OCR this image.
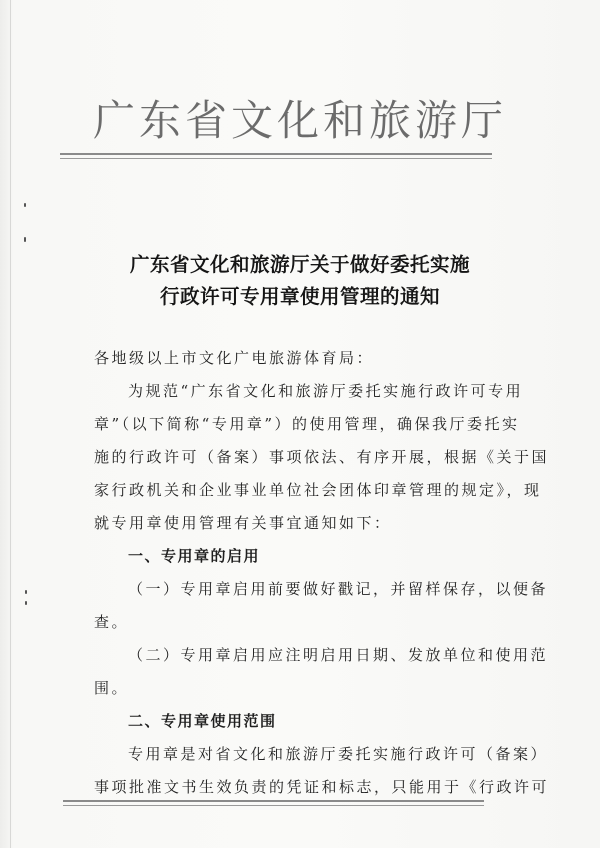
广东省文化和旅游厅
广东省文化和旅游厅关于做好委托实施
行政许可专用章使用管理的通知
各地级以上市文化广电旅游体育局：
为规范“广东省文化和旅游厅委托实施行政许可专用
章”（以下简称“专用章”）的使用管理，确保我厅委托实
施的行政许可（备案）事项依法、有序开展，根据《关于国
家行政机关和企业事业单位社会团体印章管理的规定》，现
就专用章使用管理有关事宜通知如下：
一、专用章的启用
（一）专用章启用前要做好戳记，并留样保存，以便备
查。
（二）专用章启用应注明启用日期、发放单位和使用范
围。
二、专用章使用范围
专用章是对省文化和旅游厅委托实施行政许可（备案）
事项批准文书生效负责的凭证和标志，只能用于《行政许可
